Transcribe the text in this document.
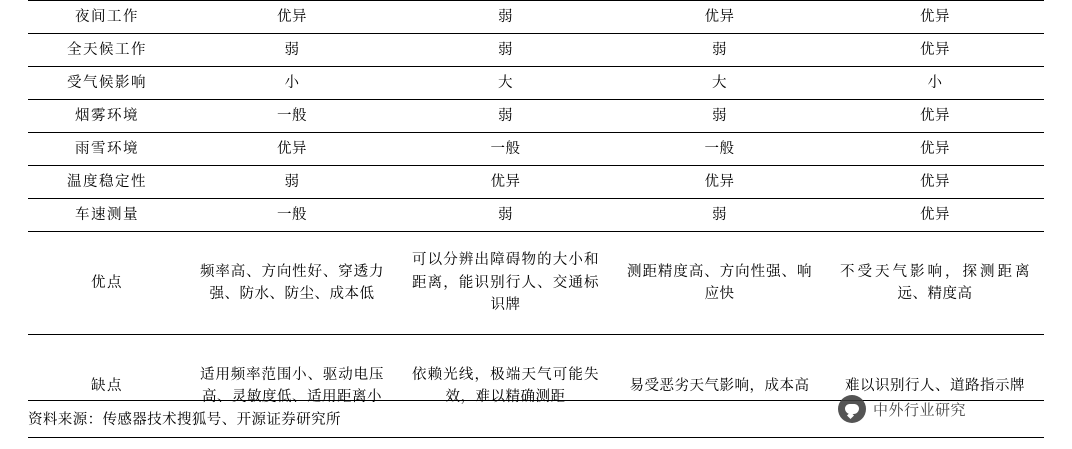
夜间工作	优异	弱	优异	优异
全天候工作	弱	弱	弱	优异
受气候影响	小	大	大	小
烟雾环境	一般	弱	弱	优异
雨雪环境	优异	一般	一般	优异
温度稳定性	弱	优异	优异	优异
车速测量	一般	弱	弱	优异
优点	频率高、方向性好、穿透力强、防水、防尘、成本低	可以分辨出障碍物的大小和距离，能识别行人、交通标识牌	测距精度高、方向性强、响应快	不受天气影响，探测距离远、精度高
缺点	适用频率范围小、驱动电压高、灵敏度低、适用距离小	依赖光线，极端天气可能失效，难以精确测距	易受恶劣天气影响，成本高	难以识别行人、道路指示牌
资料来源：传感器技术搜狐号、开源证券研究所
中外行业研究
